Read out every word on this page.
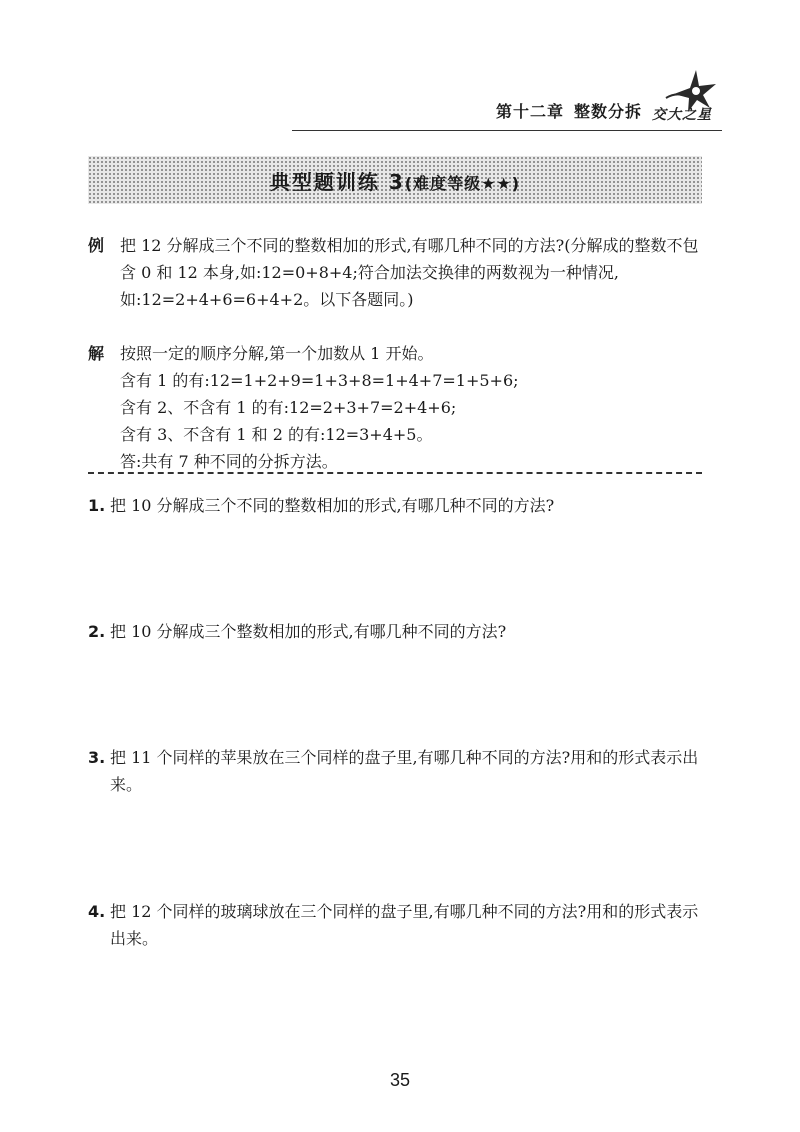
第十二章 整数分拆 交大之星
典型题训练 3(难度等级★★)
例 把 12 分解成三个不同的整数相加的形式,有哪几种不同的方法?(分解成的整数不包含 0 和 12 本身,如:12=0+8+4;符合加法交换律的两数视为一种情况,如:12=2+4+6=6+4+2。以下各题同。)
解 按照一定的顺序分解,第一个加数从 1 开始。
含有 1 的有:12=1+2+9=1+3+8=1+4+7=1+5+6;
含有 2、不含有 1 的有:12=2+3+7=2+4+6;
含有 3、不含有 1 和 2 的有:12=3+4+5。
答:共有 7 种不同的分拆方法。
1. 把 10 分解成三个不同的整数相加的形式,有哪几种不同的方法?
2. 把 10 分解成三个整数相加的形式,有哪几种不同的方法?
3. 把 11 个同样的苹果放在三个同样的盘子里,有哪几种不同的方法?用和的形式表示出来。
4. 把 12 个同样的玻璃球放在三个同样的盘子里,有哪几种不同的方法?用和的形式表示出来。
35
